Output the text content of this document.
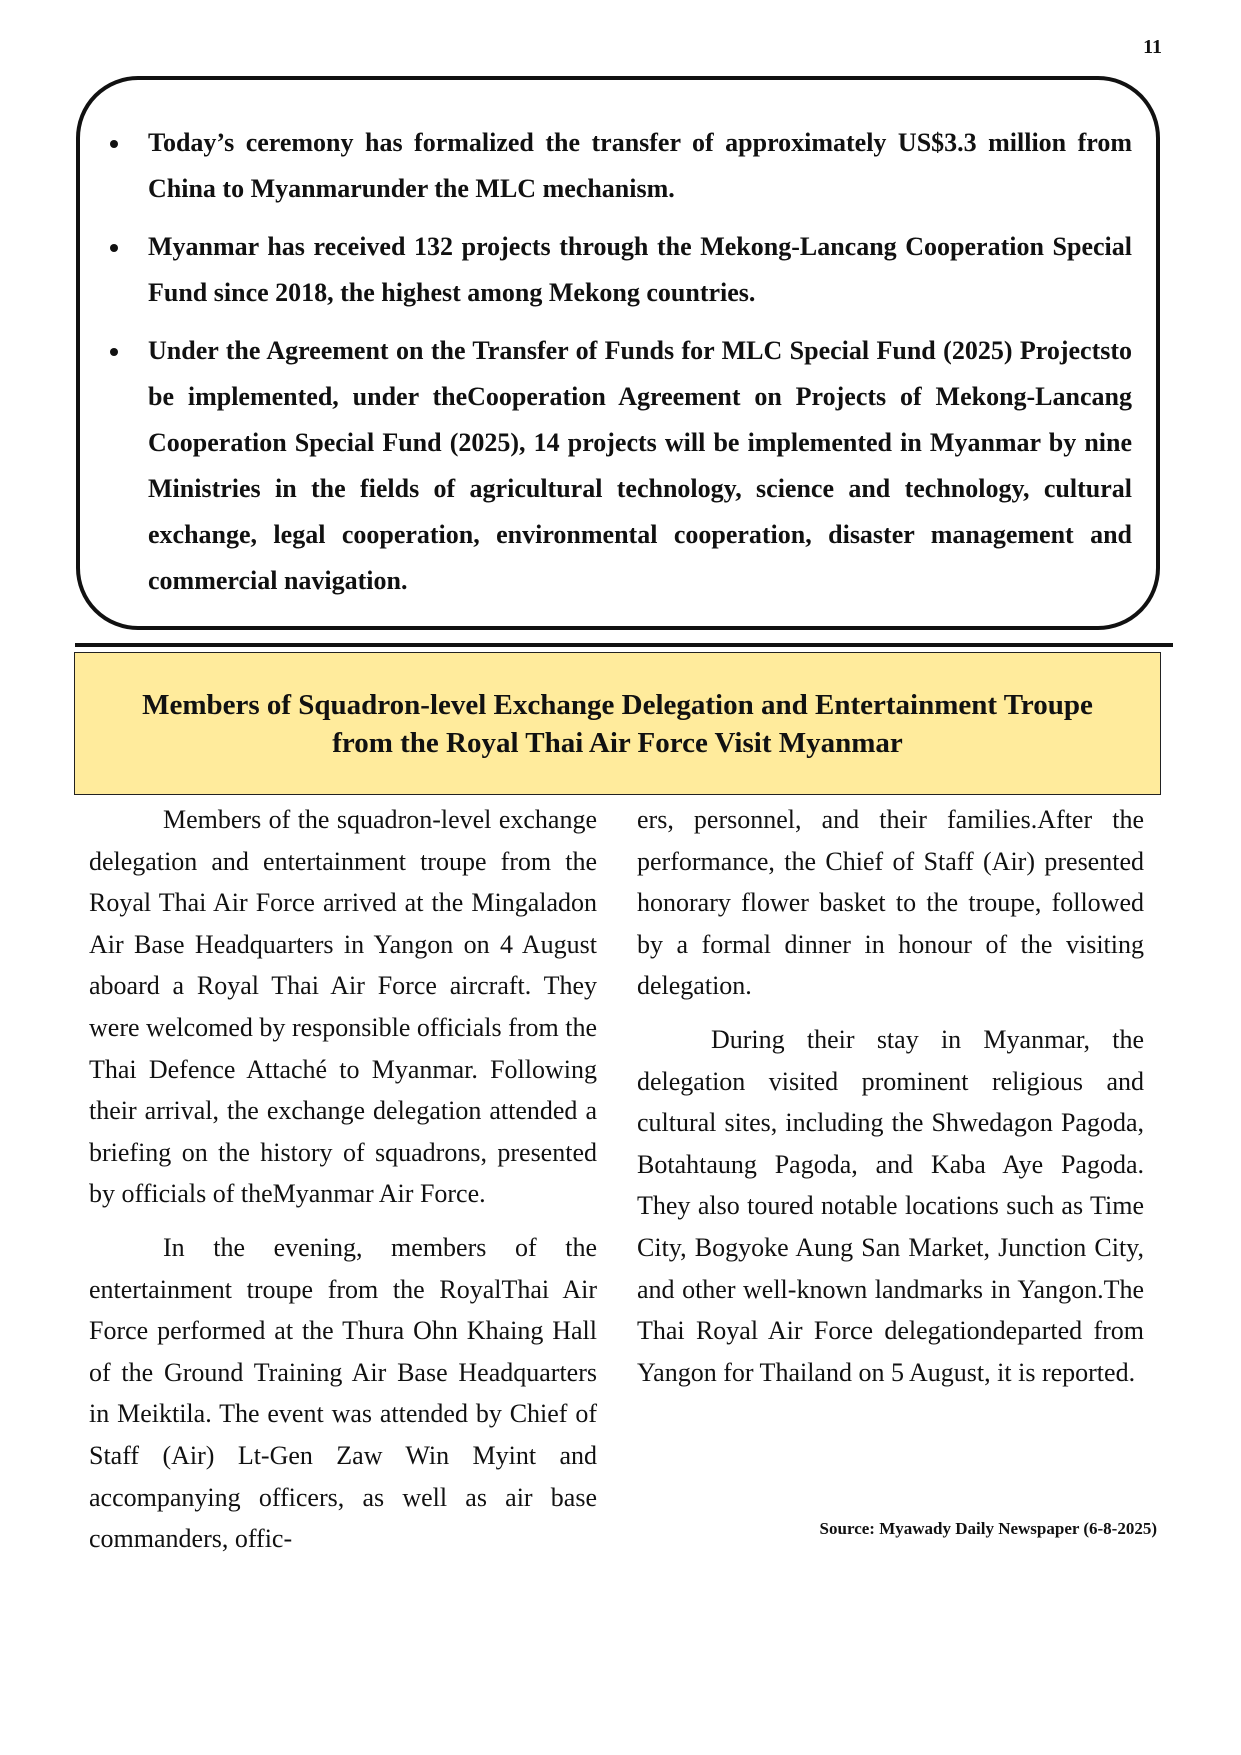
11
Today’s ceremony has formalized the transfer of approximately US$3.3 million from China to Myanmarunder the MLC mechanism.
Myanmar has received 132 projects through the Mekong-Lancang Cooperation Special Fund since 2018, the highest among Mekong countries.
Under the Agreement on the Transfer of Funds for MLC Special Fund (2025) Projectsto be implemented, under theCooperation Agreement on Projects of Mekong-Lancang Cooperation Special Fund (2025), 14 projects will be implemented in Myanmar by nine Ministries in the fields of agricultural technology, science and technology, cultural exchange, legal cooperation, environmental cooperation, disaster management and commercial navigation.
Members of Squadron-level Exchange Delegation and Entertainment Troupe
from the Royal Thai Air Force Visit Myanmar

Members of the squadron-level exchange delegation and entertainment troupe from the Royal Thai Air Force arrived at the Mingaladon Air Base Headquarters in Yangon on 4 August aboard a Royal Thai Air Force aircraft. They were welcomed by responsible officials from the Thai Defence Attaché to Myanmar. Following their arrival, the exchange delegation attended a briefing on the history of squadrons, presented by officials of theMyanmar Air Force.

In the evening, members of the entertainment troupe from the RoyalThai Air Force performed at the Thura Ohn Khaing Hall of the Ground Training Air Base Headquarters in Meiktila. The event was attended by Chief of Staff (Air) Lt-Gen Zaw Win Myint and accompanying officers, as well as air base commanders, offic-

ers, personnel, and their families.After the performance, the Chief of Staff (Air) presented honorary flower basket to the troupe, followed by a formal dinner in honour of the visiting delegation.

During their stay in Myanmar, the delegation visited prominent religious and cultural sites, including the Shwedagon Pagoda, Botahtaung Pagoda, and Kaba Aye Pagoda. They also toured notable locations such as Time City, Bogyoke Aung San Market, Junction City, and other well-known landmarks in Yangon.The Thai Royal Air Force delegationdeparted from Yangon for Thailand on 5 August, it is reported.

Source: Myawady Daily Newspaper (6-8-2025)
